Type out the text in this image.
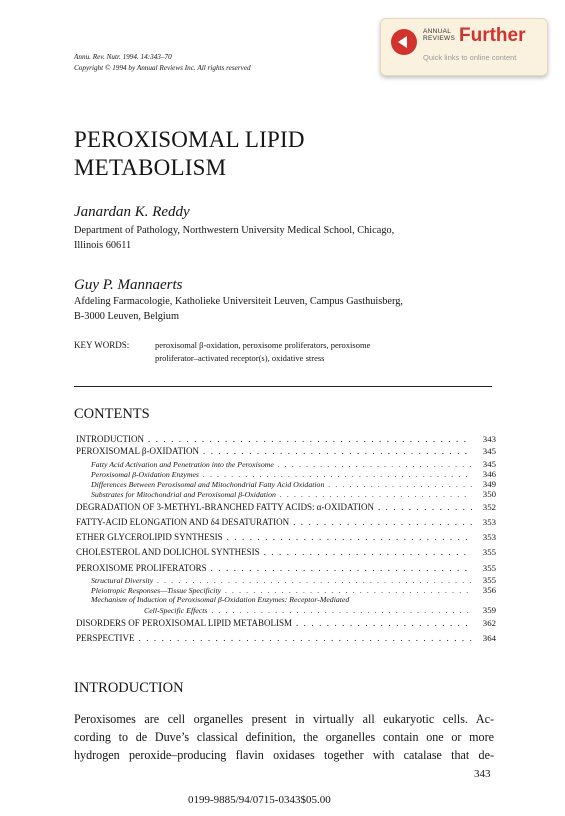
Annu. Rev. Nutr. 1994. 14:343–70
Copyright © 1994 by Annual Reviews Inc. All rights reserved
ANNUAL
REVIEWS Further
Quick links to online content
PEROXISOMAL LIPID
METABOLISM
Janardan K. Reddy
Department of Pathology, Northwestern University Medical School, Chicago,
Illinois 60611
Guy P. Mannaerts
Afdeling Farmacologie, Katholieke Universiteit Leuven, Campus Gasthuisberg,
B-3000 Leuven, Belgium
KEY WORDS:	peroxisomal β-oxidation, peroxisome proliferators, peroxisome
proliferator–activated receptor(s), oxidative stress
CONTENTS
INTRODUCTION . . .	343
PEROXISOMAL β-OXIDATION . . .	345
Fatty Acid Activation and Penetration into the Peroxisome . . .	345
Peroxisomal β-Oxidation Enzymes . . .	346
Differences Between Peroxisomal and Mitochondrial Fatty Acid Oxidation . . .	349
Substrates for Mitochondrial and Peroxisomal β-Oxidation . . .	350
DEGRADATION OF 3-METHYL-BRANCHED FATTY ACIDS: α-OXIDATION . . .	352
FATTY-ACID ELONGATION AND δ4 DESATURATION . . .	353
ETHER GLYCEROLIPID SYNTHESIS . . .	353
CHOLESTEROL AND DOLICHOL SYNTHESIS . . .	355
PEROXISOME PROLIFERATORS . . .	355
Structural Diversity . . .	355
Pleiotropic Responses—Tissue Specificity . . .	356
Mechanism of Induction of Peroxisomal β-Oxidation Enzymes: Receptor-Mediated
Cell-Specific Effects . . .	359
DISORDERS OF PEROXISOMAL LIPID METABOLISM . . .	362
PERSPECTIVE . . .	364
INTRODUCTION
Peroxisomes are cell organelles present in virtually all eukaryotic cells. Ac-
cording to de Duve’s classical definition, the organelles contain one or more
hydrogen peroxide–producing flavin oxidases together with catalase that de-
343
0199-9885/94/0715-0343$05.00
